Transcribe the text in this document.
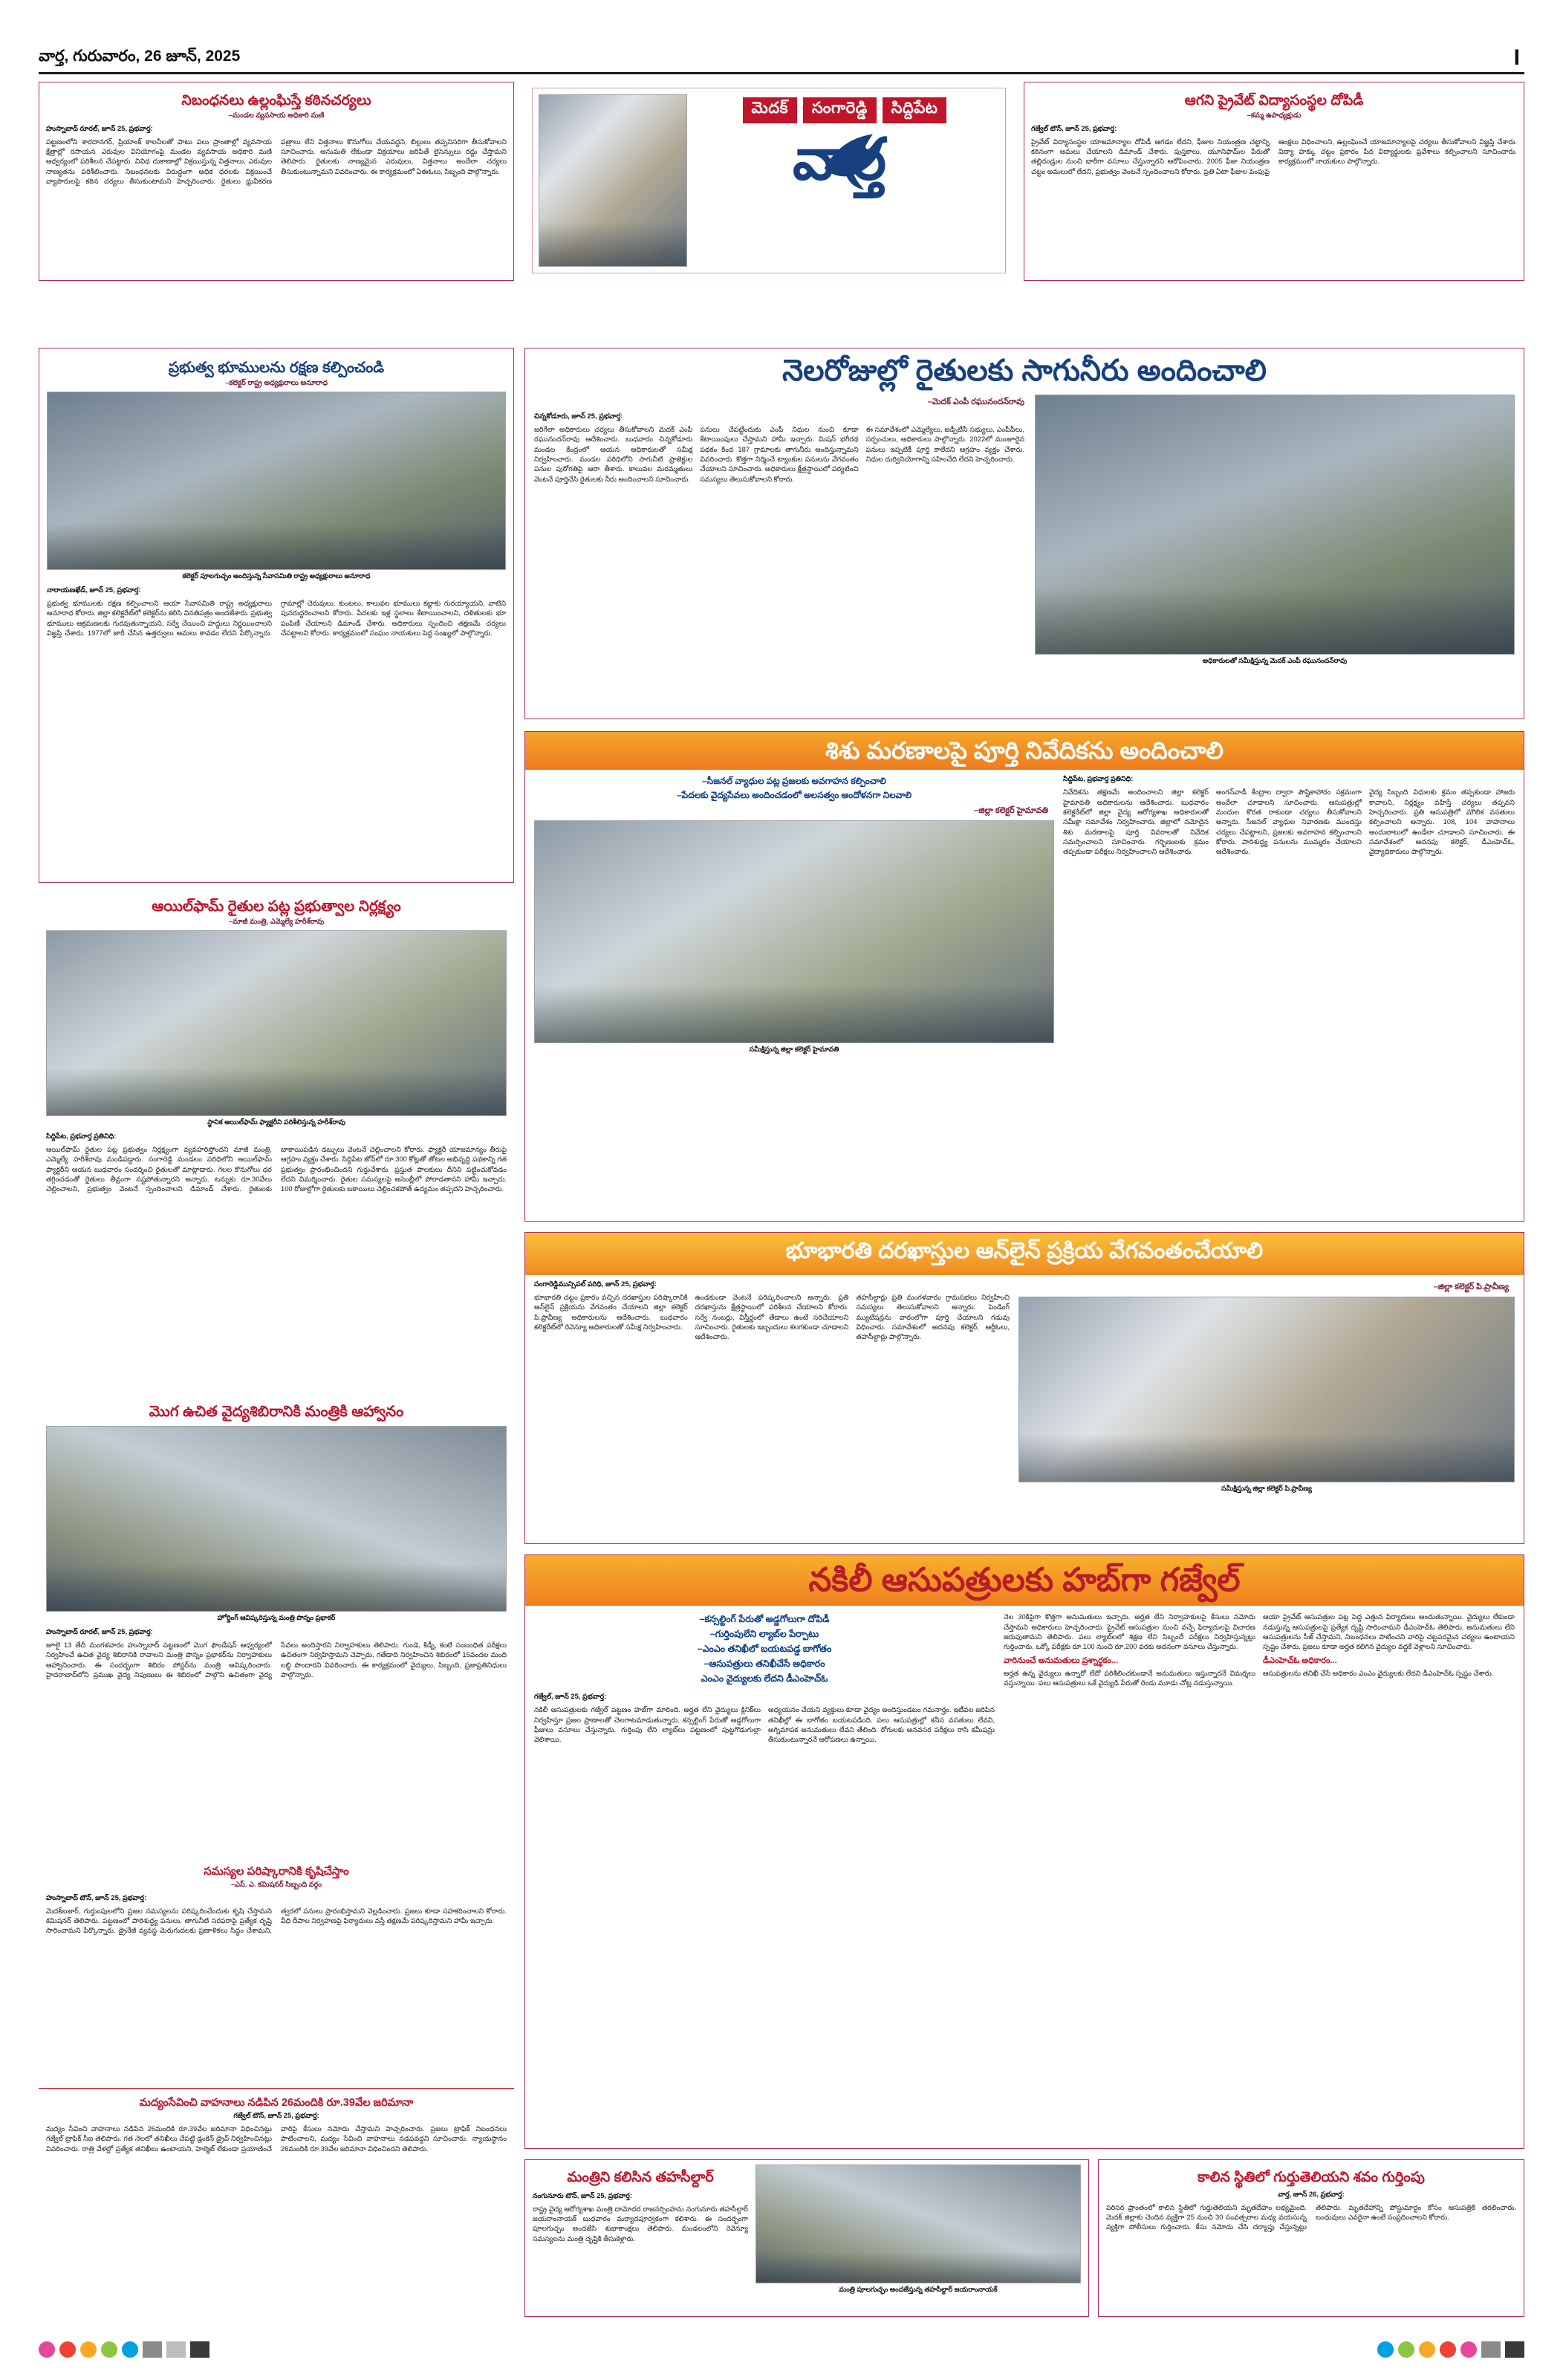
వార్త, గురువారం, 26 జూన్, 2025	I
నిబంధనలు ఉల్లంఘిస్తే కఠినచర్యలు
–మండల వ్యవసాయ అధికారి మణి
హుస్నాబాద్ రూరల్, జూన్ 25, ప్రభవార్త:
పట్టణంలోని శారదానగర్, ప్రియాంక్ కాలనీలతో పాటు పలు ప్రాంతాల్లో వ్యవసాయ క్షేత్రాల్లో రసాయన ఎరువుల వినియోగంపై మండల వ్యవసాయ అధికారి మణి ఆధ్వర్యంలో పరిశీలన చేపట్టారు. వివిధ దుకాణాల్లో విక్రయిస్తున్న విత్తనాలు, ఎరువుల నాణ్యతను పరిశీలించారు. నిబంధనలకు విరుద్ధంగా అధిక ధరలకు విక్రయించే వ్యాపారులపై కఠిన చర్యలు తీసుకుంటామని హెచ్చరించారు. రైతులు ధ్రువీకరణ పత్రాలు లేని విత్తనాలు కొనుగోలు చేయవద్దని, బిల్లులు తప్పనిసరిగా తీసుకోవాలని సూచించారు. అనుమతి లేకుండా విక్రయాలు జరిపితే లైసెన్సులు రద్దు చేస్తామని తెలిపారు. రైతులకు నాణ్యమైన ఎరువులు, విత్తనాలు అందేలా చర్యలు తీసుకుంటున్నామని వివరించారు. ఈ కార్యక్రమంలో ఏఈఓలు, సిబ్బంది పాల్గొన్నారు.
మెదక్	సంగారెడ్డి	సిద్దిపేట
వార్త
ఆగని ప్రైవేట్ విద్యాసంస్థల దోపిడీ
–కమ్మ ఉపాధ్యక్షుడు
గజ్వేల్ టౌన్, జూన్ 25, ప్రభవార్త:
ప్రైవేట్ విద్యాసంస్థల యాజమాన్యాల దోపిడీ ఆగడం లేదని, ఫీజుల నియంత్రణ చట్టాన్ని కఠినంగా అమలు చేయాలని డిమాండ్ చేశారు. పుస్తకాలు, యూనిఫామ్‌ల పేరుతో తల్లిదండ్రుల నుంచి భారీగా వసూలు చేస్తున్నారని ఆరోపించారు. 2005 ఫీజు నియంత్రణ చట్టం అమలులో లేదని, ప్రభుత్వం వెంటనే స్పందించాలని కోరారు. ప్రతి ఏటా ఫీజుల పెంపుపై ఆంక్షలు విధించాలని, ఉల్లంఘించే యాజమాన్యాలపై చర్యలు తీసుకోవాలని విజ్ఞప్తి చేశారు. విద్యా హక్కు చట్టం ప్రకారం పేద విద్యార్థులకు ప్రవేశాలు కల్పించాలని సూచించారు. కార్యక్రమంలో నాయకులు పాల్గొన్నారు.
ప్రభుత్వ భూములను రక్షణ కల్పించండి
–కలెక్టర్ రాష్ట్ర అధ్యక్షురాలు అనూరాధ
కలెక్టర్ పూలగుచ్ఛం అందిస్తున్న సేవాసమితి రాష్ట్ర అధ్యక్షురాలు అనూరాధ
నారాయణఖేడ్, జూన్ 25, ప్రభవార్త:
ప్రభుత్వ భూములకు రక్షణ కల్పించాలని ఆయా సేవాసమితి రాష్ట్ర అధ్యక్షురాలు అనూరాధ కోరారు. జిల్లా కలెక్టరేట్‌లో కలెక్టర్‌ను కలిసి వినతిపత్రం అందజేశారు. ప్రభుత్వ భూములు ఆక్రమణలకు గురవుతున్నాయని, సర్వే చేయించి హద్దులు నిర్ణయించాలని విజ్ఞప్తి చేశారు. 1977లో జారీ చేసిన ఉత్తర్వులు అమలు కావడం లేదని పేర్కొన్నారు. గ్రామాల్లో చెరువులు, కుంటలు, కాలువల భూములు కబ్జాకు గురయ్యాయని, వాటిని పునరుద్ధరించాలని కోరారు. పేదలకు ఇళ్ల స్థలాలు కేటాయించాలని, దళితులకు భూ పంపిణీ చేయాలని డిమాండ్ చేశారు. అధికారులు స్పందించి తక్షణమే చర్యలు చేపట్టాలని కోరారు. కార్యక్రమంలో సంఘం నాయకులు పెద్ద సంఖ్యలో పాల్గొన్నారు.
ఆయిల్‌ఫామ్ రైతుల పట్ల ప్రభుత్వాల నిర్లక్ష్యం
–మాజీ మంత్రి, ఎమ్మెల్యే హరీశ్‌రావు
స్థానిక ఆయిల్‌ఫామ్ ఫ్యాక్టరీని పరిశీలిస్తున్న హరీశ్‌రావు
సిద్దిపేట, ప్రభవార్త ప్రతినిధి:
ఆయిల్‌ఫామ్ రైతుల పట్ల ప్రభుత్వం నిర్లక్ష్యంగా వ్యవహరిస్తోందని మాజీ మంత్రి, ఎమ్మెల్యే హరీశ్‌రావు మండిపడ్డారు. సంగారెడ్డి మండలం పరిధిలోని ఆయిల్‌ఫామ్ ఫ్యాక్టరీని ఆయన బుధవారం సందర్శించి రైతులతో మాట్లాడారు. గెలల కొనుగోలు ధర తగ్గించడంతో రైతులు తీవ్రంగా నష్టపోతున్నారని అన్నారు. టన్నుకు రూ.30వేలు చెల్లించాలని, ప్రభుత్వం వెంటనే స్పందించాలని డిమాండ్ చేశారు. రైతులకు బాకాయిపడిన డబ్బులు వెంటనే చెల్లించాలని కోరారు. ఫ్యాక్టరీ యాజమాన్యం తీరుపై ఆగ్రహం వ్యక్తం చేశారు. సిద్దిపేట జోన్‌లో రూ.300 కోట్లతో తోటల అభివృద్ధి పథకాన్ని గత ప్రభుత్వం ప్రారంభించిందని గుర్తుచేశారు. ప్రస్తుత పాలకులు దీనిని పట్టించుకోవడం లేదని విమర్శించారు. రైతుల సమస్యలపై అసెంబ్లీలో పోరాడతానని హామీ ఇచ్చారు. 100 రోజుల్లోగా రైతులకు బకాయిలు చెల్లించకపోతే ఉద్యమం తప్పదని హెచ్చరించారు.
మొగ ఉచిత వైద్యశిబిరానికి మంత్రికి ఆహ్వానం
హోర్డింగ్ ఆవిష్కరిస్తున్న మంత్రి పొన్నం ప్రభాకర్
హుస్నాబాద్ రూరల్, జూన్ 25, ప్రభవార్త:
జూలై 13 తేదీ మంగళవారం హుస్నాబాద్ పట్టణంలో మొగ ఫౌండేషన్ ఆధ్వర్యంలో నిర్వహించే ఉచిత వైద్య శిబిరానికి రావాలని మంత్రి పొన్నం ప్రభాకర్‌ను నిర్వాహకులు ఆహ్వానించారు. ఈ సందర్భంగా శిబిరం పోస్టర్‌ను మంత్రి ఆవిష్కరించారు. హైదరాబాద్‌లోని ప్రముఖ వైద్య నిపుణులు ఈ శిబిరంలో పాల్గొని ఉచితంగా వైద్య సేవలు అందిస్తారని నిర్వాహకులు తెలిపారు. గుండె, కిడ్నీ, కంటి సంబంధిత పరీక్షలు ఉచితంగా నిర్వహిస్తామని చెప్పారు. గతేడాది నిర్వహించిన శిబిరంలో 15వందల మంది లబ్ధి పొందారని వివరించారు. ఈ కార్యక్రమంలో వైద్యులు, సిబ్బంది, ప్రజాప్రతినిధులు పాల్గొన్నారు.
సమస్యల పరిష్కారానికి కృషిచేస్తాం
–ఎస్. ఎ. కమిషనర్ సిబ్బంది వర్గం
హుస్నాబాద్ టౌన్, జూన్ 25, ప్రభవార్త:
మెదక్‌బజార్, గుర్తుంపులలోని ప్రజల సమస్యలను పరిష్కరించేందుకు కృషి చేస్తామని కమిషనర్ తెలిపారు. పట్టణంలో పారిశుద్ధ్య పనులు, తాగునీటి సరఫరాపై ప్రత్యేక దృష్టి సారించామని పేర్కొన్నారు. డ్రైనేజీ వ్యవస్థ మెరుగుదలకు ప్రణాళికలు సిద్ధం చేశామని, త్వరలో పనులు ప్రారంభిస్తామని వెల్లడించారు. ప్రజలు కూడా సహకరించాలని కోరారు. వీధి దీపాల నిర్వహణపై ఫిర్యాదులు వస్తే తక్షణమే పరిష్కరిస్తామని హామీ ఇచ్చారు.
మద్యంసేవించి వాహనాలు నడిపిన 26మందికి రూ.39వేల జరిమానా
గజ్వేల్ టౌన్, జూన్ 25, ప్రభవార్త:
మద్యం సేవించి వాహనాలు నడిపిన 26మందికి రూ.39వేల జరిమానా విధించినట్లు గజ్వేల్ ట్రాఫిక్ సీఐ తెలిపారు. గత నెలలో తనిఖీలు చేపట్టి డ్రంకెన్ డ్రైవ్ నిర్వహించినట్లు వివరించారు. రాత్రి వేళల్లో ప్రత్యేక తనిఖీలు ఉంటాయని, హెల్మెట్ లేకుండా ప్రయాణించే వారిపై కేసులు నమోదు చేస్తామని హెచ్చరించారు. ప్రజలు ట్రాఫిక్ నిబంధనలు పాటించాలని, మద్యం సేవించి వాహనాలు నడపవద్దని సూచించారు. న్యాయస్థానం 26మందికి రూ.39వేల జరిమానా విధించిందని తెలిపారు.
నెలరోజుల్లో రైతులకు సాగునీరు అందించాలి
–మెదక్ ఎంపీ రఘునందన్‌రావు
చిన్నకోడూరు, జూన్ 25, ప్రభవార్త:
జరిగేలా అధికారులు చర్యలు తీసుకోవాలని మెదక్ ఎంపీ రఘునందన్‌రావు ఆదేశించారు. బుధవారం చిన్నకోడూరు మండల కేంద్రంలో ఆయన అధికారులతో సమీక్ష నిర్వహించారు. మండల పరిధిలోని సాగునీటి ప్రాజెక్టుల పనుల పురోగతిపై ఆరా తీశారు. కాలువల మరమ్మతులు వెంటనే పూర్తిచేసి రైతులకు నీరు అందించాలని సూచించారు.
పనులు చేపట్టేందుకు ఎంపీ నిధుల నుంచి కూడా కేటాయింపులు చేస్తామని హామీ ఇచ్చారు. మిషన్ భగీరథ పథకం కింద 187 గ్రామాలకు తాగునీరు అందిస్తున్నామని వివరించారు. కొత్తగా నిర్మించే ట్యాంకుల పనులను వేగవంతం చేయాలని సూచించారు. అధికారులు క్షేత్రస్థాయిలో పర్యటించి సమస్యలు తెలుసుకోవాలని కోరారు.
ఈ సమావేశంలో ఎమ్మెల్యేలు, జడ్పీటీసీ సభ్యులు, ఎంపీపీలు, సర్పంచులు, అధికారులు పాల్గొన్నారు. 2022లో మంజూరైన పనులు ఇప్పటికీ పూర్తి కాలేదని ఆగ్రహం వ్యక్తం చేశారు. నిధుల దుర్వినియోగాన్ని సహించేది లేదని హెచ్చరించారు.
అధికారులతో సమీక్షిస్తున్న మెదక్ ఎంపీ రఘునందన్‌రావు
శిశు మరణాలపై పూర్తి నివేదికను అందించాలి
–సీజనల్ వ్యాధుల పట్ల ప్రజలకు అవగాహన కల్పించాలి
–పేదలకు వైద్యసేవలు అందించడంలో అలసత్వం ఆందోళనగా నిలవాలి
–జిల్లా కలెక్టర్ హైమావతి
సమీక్షిస్తున్న జిల్లా కలెక్టర్ హైమావతి
సిద్దిపేట, ప్రభవార్త ప్రతినిధి:
నివేదికను తక్షణమే అందించాలని జిల్లా కలెక్టర్ హైమావతి అధికారులను ఆదేశించారు. బుధవారం కలెక్టరేట్‌లో జిల్లా వైద్య ఆరోగ్యశాఖ అధికారులతో సమీక్షా సమావేశం నిర్వహించారు. జిల్లాలో నమోదైన శిశు మరణాలపై పూర్తి వివరాలతో నివేదిక సమర్పించాలని సూచించారు. గర్భిణులకు క్రమం తప్పకుండా పరీక్షలు నిర్వహించాలని ఆదేశించారు.
అంగన్‌వాడీ కేంద్రాల ద్వారా పౌష్టికాహారం సక్రమంగా అందేలా చూడాలని సూచించారు. ఆసుపత్రుల్లో మందుల కొరత రాకుండా చర్యలు తీసుకోవాలని అన్నారు. సీజనల్ వ్యాధుల నివారణకు ముందస్తు చర్యలు చేపట్టాలని, ప్రజలకు అవగాహన కల్పించాలని కోరారు. పారిశుద్ధ్య పనులను ముమ్మరం చేయాలని ఆదేశించారు.
వైద్య సిబ్బంది విధులకు క్రమం తప్పకుండా హాజరు కావాలని, నిర్లక్ష్యం వహిస్తే చర్యలు తప్పవని హెచ్చరించారు. ప్రతి ఆసుపత్రిలో మౌలిక వసతులు కల్పించాలని అన్నారు. 108, 104 వాహనాలు అందుబాటులో ఉండేలా చూడాలని సూచించారు. ఈ సమావేశంలో అదనపు కలెక్టర్, డీఎంహెచ్‌ఓ, వైద్యాధికారులు పాల్గొన్నారు.
భూభారతి దరఖాస్తుల ఆన్‌లైన్ ప్రక్రియ వేగవంతంచేయాలి
సంగారెడ్డిమున్సిపల్ పరిధి, జూన్ 25, ప్రభవార్త:
భూభారతి చట్టం ప్రకారం వచ్చిన దరఖాస్తుల పరిష్కారానికి ఆన్‌లైన్ ప్రక్రియను వేగవంతం చేయాలని జిల్లా కలెక్టర్ పి.ప్రావీణ్య అధికారులను ఆదేశించారు. బుధవారం కలెక్టరేట్‌లో రెవెన్యూ అధికారులతో సమీక్ష నిర్వహించారు.
ఉండకుండా వెంటనే పరిష్కరించాలని అన్నారు. ప్రతి దరఖాస్తును క్షేత్రస్థాయిలో పరిశీలన చేయాలని కోరారు. సర్వే నంబర్లు, విస్తీర్ణంలో తేడాలు ఉంటే సరిచేయాలని సూచించారు. రైతులకు ఇబ్బందులు కలగకుండా చూడాలని ఆదేశించారు.
తహసీల్దార్లు ప్రతి మంగళవారం గ్రామసభలు నిర్వహించి సమస్యలు తెలుసుకోవాలని అన్నారు. పెండింగ్ మ్యుటేషన్లను వారంలోగా పూర్తి చేయాలని గడువు విధించారు. సమావేశంలో అదనపు కలెక్టర్, ఆర్డీఓలు, తహసీల్దార్లు పాల్గొన్నారు.
–జిల్లా కలెక్టర్ పి.ప్రావీణ్య
సమీక్షిస్తున్న జిల్లా కలెక్టర్ పి.ప్రావీణ్య
నకిలీ ఆసుపత్రులకు హబ్‌గా గజ్వేల్
–కన్సల్టింగ్ పేరుతో అడ్డగోలుగా దోపిడీ
–గుర్తింపులేని ల్యాబ్‌ల పేర్పాటు
–ఎంఎం తనిఖీలో బయటపడ్డ బాగోతం
–ఆసుపత్రులు తనిఖీచేసే అధికారం
ఎంఎం వైద్యులకు లేదని డీఎంహెచ్‌ఓ
గజ్వేల్, జూన్ 25, ప్రభవార్త:
నకిలీ ఆసుపత్రులకు గజ్వేల్ పట్టణం హబ్‌గా మారింది. అర్హత లేని వైద్యులు క్లినిక్‌లు నిర్వహిస్తూ ప్రజల ప్రాణాలతో చెలగాటమాడుతున్నారు. కన్సల్టింగ్ పేరుతో అడ్డగోలుగా ఫీజులు వసూలు చేస్తున్నారు. గుర్తింపు లేని ల్యాబ్‌లు పట్టణంలో పుట్టగొడుగుల్లా వెలిశాయి.
అధ్యయనం చేయని వ్యక్తులు కూడా వైద్యం అందిస్తుండటం గమనార్హం. ఇటీవల జరిపిన తనిఖీల్లో ఈ బాగోతం బయటపడింది. పలు ఆసుపత్రుల్లో కనీస వసతులు లేవని, అగ్నిమాపక అనుమతులు లేవని తేలింది. రోగులకు అనవసర పరీక్షలు రాసి కమీషన్లు తీసుకుంటున్నారనే ఆరోపణలు ఉన్నాయి.
నెల 30కిపైగా కొత్తగా అనుమతులు ఇచ్చారు. అర్హత లేని నిర్వాహకులపై కేసులు నమోదు చేస్తామని అధికారులు హెచ్చరించారు. ప్రైవేట్ ఆసుపత్రుల నుంచి వచ్చే ఫిర్యాదులపై విచారణ జరుపుతామని తెలిపారు. పలు ల్యాబ్‌లలో శిక్షణ లేని సిబ్బందే పరీక్షలు నిర్వహిస్తున్నట్లు గుర్తించారు. ఒక్కో పరీక్షకు రూ.100 నుంచి రూ.200 వరకు అదనంగా వసూలు చేస్తున్నారు.
వారినుంచే అనుమతులు ప్రశ్నార్థకం...
అర్హత ఉన్న వైద్యులు ఉన్నారో లేదో పరిశీలించకుండానే అనుమతులు ఇస్తున్నారనే విమర్శలు వస్తున్నాయి. పలు ఆసుపత్రులు ఒకే వైద్యుడి పేరుతో రెండు మూడు చోట్ల నడుస్తున్నాయి.
ఆయా ప్రైవేట్ ఆసుపత్రుల పట్ల పెద్ద ఎత్తున ఫిర్యాదులు అందుతున్నాయి. వైద్యులు లేకుండా నడుస్తున్న ఆసుపత్రులపై ప్రత్యేక దృష్టి సారించామని డీఎంహెచ్‌ఓ తెలిపారు. అనుమతులు లేని ఆసుపత్రులను సీజ్ చేస్తామని, నిబంధనలు పాటించని వారిపై చట్టపరమైన చర్యలు ఉంటాయని స్పష్టం చేశారు. ప్రజలు కూడా అర్హత కలిగిన వైద్యుల వద్దకే వెళ్లాలని సూచించారు.
డీఎంహెచ్‌ఓ అధికారం...
ఆసుపత్రులను తనిఖీ చేసే అధికారం ఎంఎం వైద్యులకు లేదని డీఎంహెచ్‌ఓ స్పష్టం చేశారు.
మంత్రిని కలిసిన తహసీల్దార్
నంగునూరు టౌన్, జూన్ 25, ప్రభవార్త:
రాష్ట్ర వైద్య ఆరోగ్యశాఖ మంత్రి దామోదర రాజనర్సింహను నంగునూరు తహసీల్దార్ జయరాంనాయక్ బుధవారం మర్యాదపూర్వకంగా కలిశారు. ఈ సందర్భంగా పూలగుచ్ఛం అందజేసి శుభాకాంక్షలు తెలిపారు. మండలంలోని రెవెన్యూ సమస్యలను మంత్రి దృష్టికి తీసుకెళ్లారు.
మంత్రి పూలగుచ్ఛం అందజేస్తున్న తహసీల్దార్ జయరాంనాయక్
కాలిన స్థితిలో గుర్తుతెలియని శవం గుర్తింపు
వార్త, జూన్ 26, ప్రభవార్త:
పరిసర ప్రాంతంలో కాలిన స్థితిలో గుర్తుతెలియని మృతదేహం లభ్యమైంది. మెదక్ జిల్లాకు చెందిన వ్యక్తిగా 25 నుంచి 30 సంవత్సరాల మధ్య వయసున్న వ్యక్తిగా పోలీసులు గుర్తించారు. కేసు నమోదు చేసి దర్యాప్తు చేస్తున్నట్లు తెలిపారు. మృతదేహాన్ని పోస్టుమార్టం కోసం ఆసుపత్రికి తరలించారు. బంధువులు ఎవరైనా ఉంటే సంప్రదించాలని కోరారు.
